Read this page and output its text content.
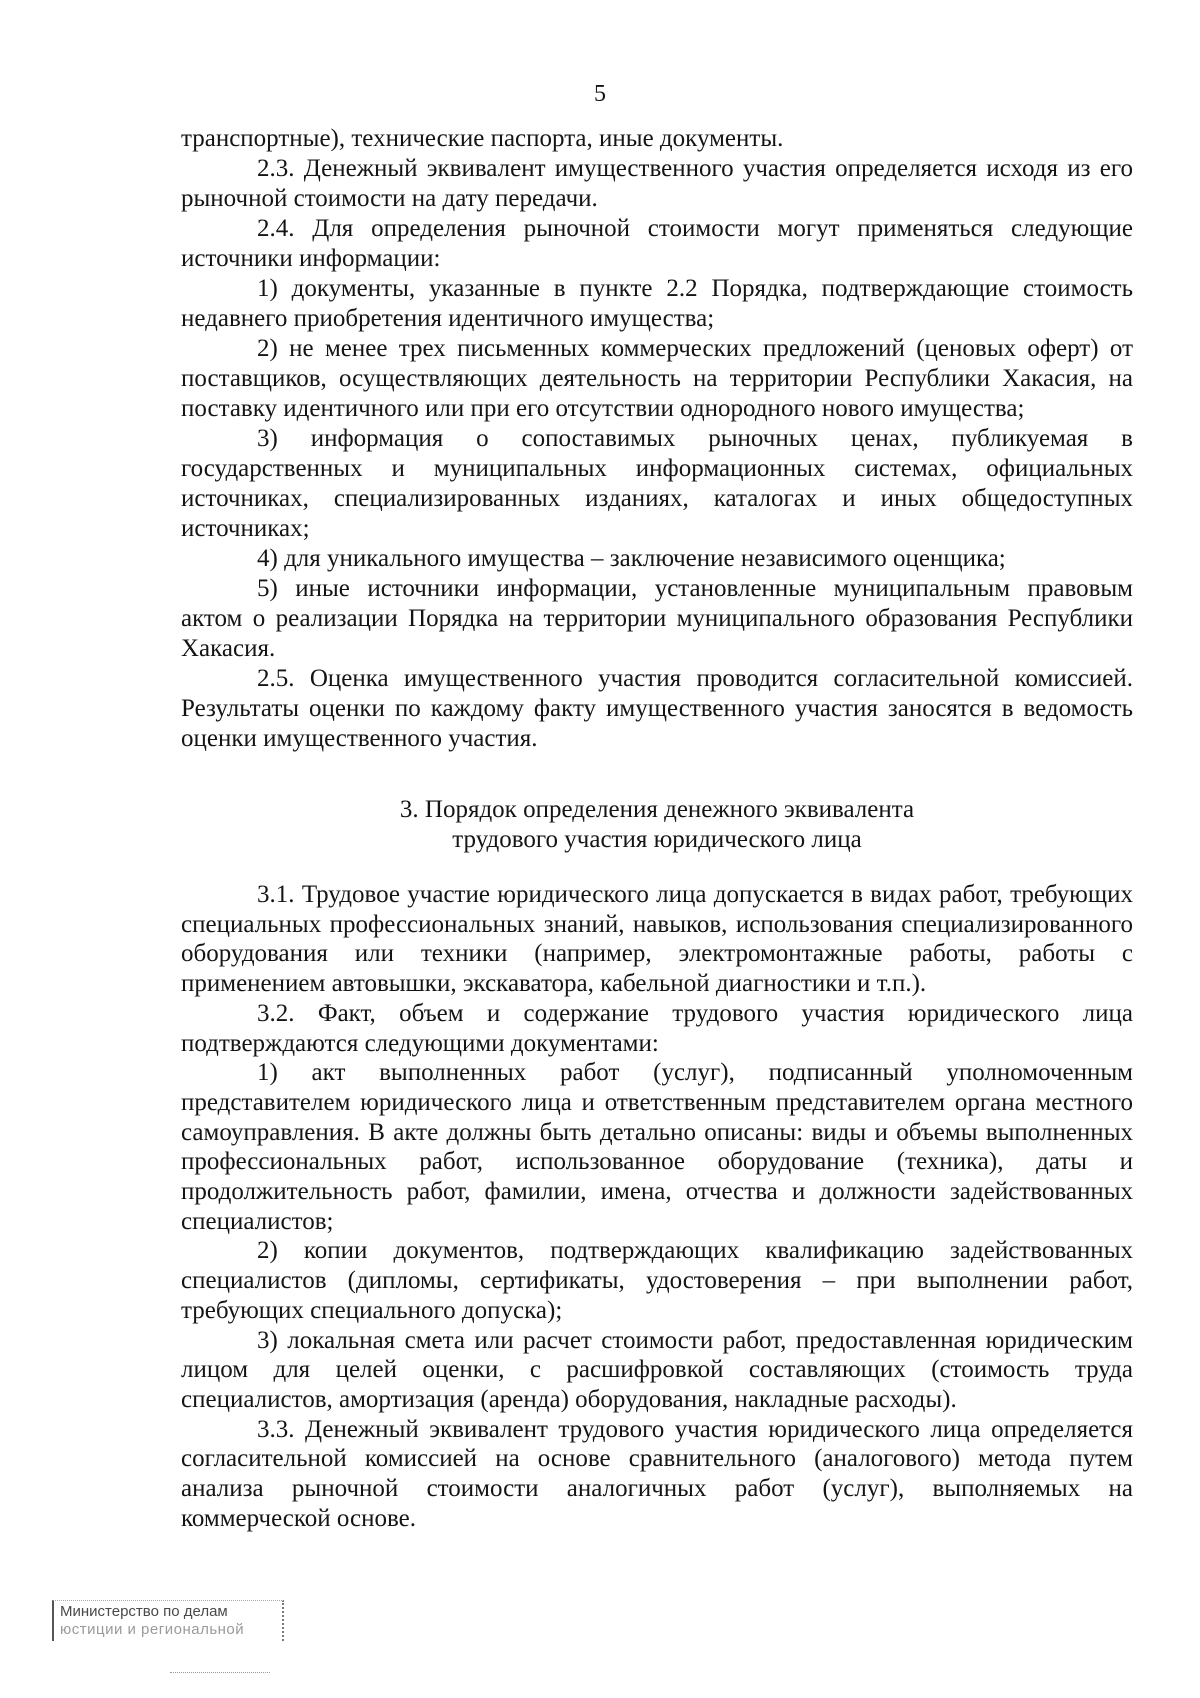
5

транспортные), технические паспорта, иные документы.

2.3. Денежный эквивалент имущественного участия определяется исходя из его рыночной стоимости на дату передачи.

2.4. Для определения рыночной стоимости могут применяться следующие источники информации:

1) документы, указанные в пункте 2.2 Порядка, подтверждающие стоимость недавнего приобретения идентичного имущества;

2) не менее трех письменных коммерческих предложений (ценовых оферт) от поставщиков, осуществляющих деятельность на территории Республики Хакасия, на поставку идентичного или при его отсутствии однородного нового имущества;

3) информация о сопоставимых рыночных ценах, публикуемая в государственных и муниципальных информационных системах, официальных источниках, специализированных изданиях, каталогах и иных общедоступных источниках;

4) для уникального имущества – заключение независимого оценщика;

5) иные источники информации, установленные муниципальным правовым актом о реализации Порядка на территории муниципального образования Республики Хакасия.

2.5. Оценка имущественного участия проводится согласительной комиссией. Результаты оценки по каждому факту имущественного участия заносятся в ведомость оценки имущественного участия.

3. Порядок определения денежного эквивалента
трудового участия юридического лица

3.1. Трудовое участие юридического лица допускается в видах работ, требующих специальных профессиональных знаний, навыков, использования специализированного оборудования или техники (например, электромонтажные работы, работы с применением автовышки, экскаватора, кабельной диагностики и т.п.).

3.2. Факт, объем и содержание трудового участия юридического лица подтверждаются следующими документами:

1) акт выполненных работ (услуг), подписанный уполномоченным представителем юридического лица и ответственным представителем органа местного самоуправления. В акте должны быть детально описаны: виды и объемы выполненных профессиональных работ, использованное оборудование (техника), даты и продолжительность работ, фамилии, имена, отчества и должности задействованных специалистов;

2) копии документов, подтверждающих квалификацию задействованных специалистов (дипломы, сертификаты, удостоверения – при выполнении работ, требующих специального допуска);

3) локальная смета или расчет стоимости работ, предоставленная юридическим лицом для целей оценки, с расшифровкой составляющих (стоимость труда специалистов, амортизация (аренда) оборудования, накладные расходы).

3.3. Денежный эквивалент трудового участия юридического лица определяется согласительной комиссией на основе сравнительного (аналогового) метода путем анализа рыночной стоимости аналогичных работ (услуг), выполняемых на коммерческой основе.

Министерство по делам
юстиции и региональной
